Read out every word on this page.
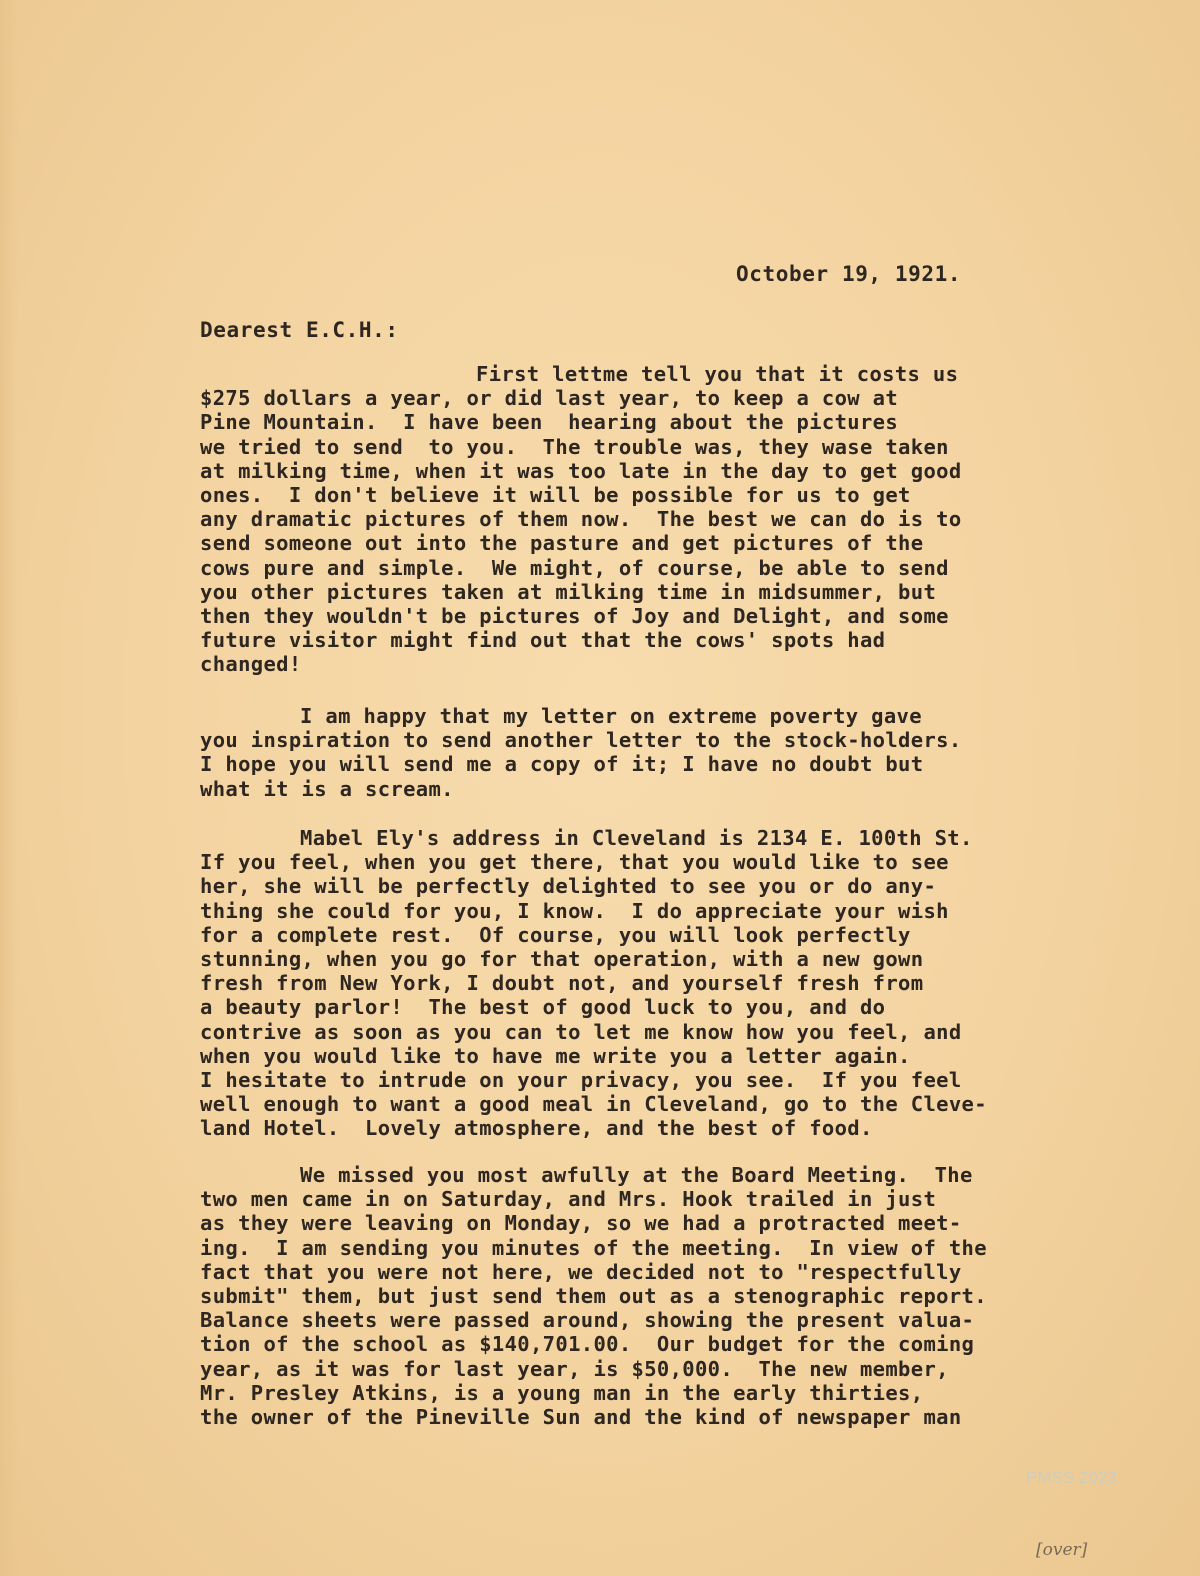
October 19, 1921.
Dearest E.C.H.:
First lettme tell you that it costs us
$275 dollars a year, or did last year, to keep a cow at
Pine Mountain.  I have been  hearing about the pictures
we tried to send  to you.  The trouble was, they wase taken
at milking time, when it was too late in the day to get good
ones.  I don't believe it will be possible for us to get
any dramatic pictures of them now.  The best we can do is to
send someone out into the pasture and get pictures of the
cows pure and simple.  We might, of course, be able to send
you other pictures taken at milking time in midsummer, but
then they wouldn't be pictures of Joy and Delight, and some
future visitor might find out that the cows' spots had
changed!
I am happy that my letter on extreme poverty gave
you inspiration to send another letter to the stock-holders.
I hope you will send me a copy of it; I have no doubt but
what it is a scream.
Mabel Ely's address in Cleveland is 2134 E. 100th St.
If you feel, when you get there, that you would like to see
her, she will be perfectly delighted to see you or do any-
thing she could for you, I know.  I do appreciate your wish
for a complete rest.  Of course, you will look perfectly
stunning, when you go for that operation, with a new gown
fresh from New York, I doubt not, and yourself fresh from
a beauty parlor!  The best of good luck to you, and do
contrive as soon as you can to let me know how you feel, and
when you would like to have me write you a letter again.
I hesitate to intrude on your privacy, you see.  If you feel
well enough to want a good meal in Cleveland, go to the Cleve-
land Hotel.  Lovely atmosphere, and the best of food.
We missed you most awfully at the Board Meeting.  The
two men came in on Saturday, and Mrs. Hook trailed in just
as they were leaving on Monday, so we had a protracted meet-
ing.  I am sending you minutes of the meeting.  In view of the
fact that you were not here, we decided not to "respectfully
submit" them, but just send them out as a stenographic report.
Balance sheets were passed around, showing the present valua-
tion of the school as $140,701.00.  Our budget for the coming
year, as it was for last year, is $50,000.  The new member,
Mr. Presley Atkins, is a young man in the early thirties,
the owner of the Pineville Sun and the kind of newspaper man
PMSS 2023
[over]
